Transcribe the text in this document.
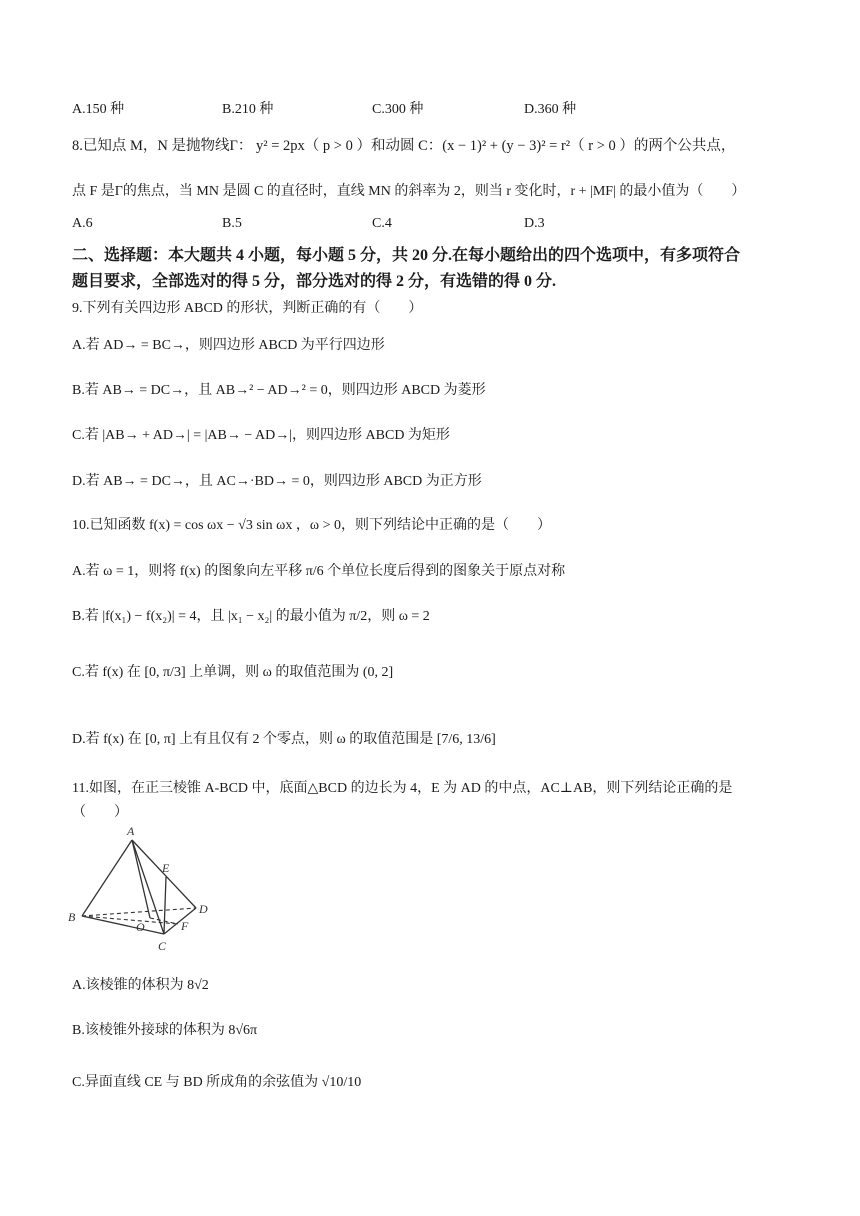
A.150 种	B.210 种	C.300 种	D.360 种
8.已知点 M，N 是抛物线Γ： y² = 2px（ p > 0 ）和动圆 C：(x − 1)² + (y − 3)² = r²（ r > 0 ）的两个公共点，
点 F 是Γ的焦点，当 MN 是圆 C 的直径时，直线 MN 的斜率为 2，则当 r 变化时，r + |MF| 的最小值为（　　）
A.6	B.5	C.4	D.3
二、选择题：本大题共 4 小题，每小题 5 分，共 20 分.在每小题给出的四个选项中，有多项符合
题目要求，全部选对的得 5 分，部分选对的得 2 分，有选错的得 0 分.
9.下列有关四边形 ABCD 的形状，判断正确的有（　　）
A.若 AD→ = BC→，则四边形 ABCD 为平行四边形
B.若 AB→ = DC→，且 AB→² − AD→² = 0，则四边形 ABCD 为菱形
C.若 |AB→ + AD→| = |AB→ − AD→|，则四边形 ABCD 为矩形
D.若 AB→ = DC→，且 AC→·BD→ = 0，则四边形 ABCD 为正方形
10.已知函数 f(x) = cos ωx − √3 sin ωx ，ω > 0，则下列结论中正确的是（　　）
A.若 ω = 1，则将 f(x) 的图象向左平移 π/6 个单位长度后得到的图象关于原点对称
B.若 |f(x₁) − f(x₂)| = 4，且 |x₁ − x₂| 的最小值为 π/2，则 ω = 2
C.若 f(x) 在 [0, π/3] 上单调，则 ω 的取值范围为 (0, 2]
D.若 f(x) 在 [0, π] 上有且仅有 2 个零点，则 ω 的取值范围是 [7/6, 13/6]
11.如图，在正三棱锥 A-BCD 中，底面△BCD 的边长为 4，E 为 AD 的中点，AC⊥AB，则下列结论正确的是
（　　）
A
E
B
O	F
D
C
A.该棱锥的体积为 8√2
B.该棱锥外接球的体积为 8√6π
C.异面直线 CE 与 BD 所成角的余弦值为 √10/10
